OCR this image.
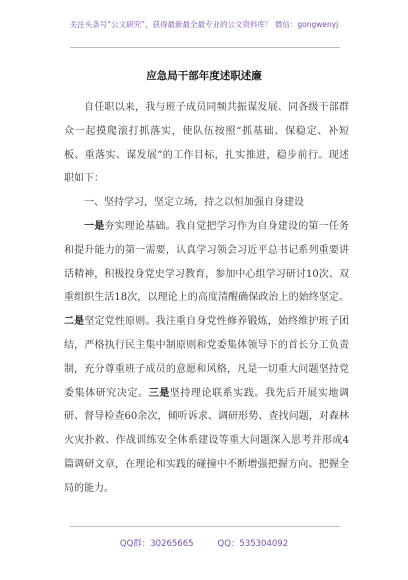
关注头条号“公文研究”，获得最新最全最专业的公文资料库！ 微信：gongwenyj
应急局干部年度述职述廉

自任职以来，我与班子成员同频共振谋发展、同各级干部群众一起摸爬滚打抓落实，使队伍按照“抓基础、保稳定、补短板、重落实、谋发展”的工作目标，扎实推进，稳步前行。现述职如下：

一、坚持学习，坚定立场，持之以恒加强自身建设

一是夯实理论基础。我自觉把学习作为自身建设的第一任务和提升能力的第一需要，认真学习领会习近平总书记系列重要讲话精神，积极投身党史学习教育，参加中心组学习研讨10次、双重组织生活18次，以理论上的高度清醒确保政治上的始终坚定。二是坚定党性原则。我注重自身党性修养锻炼，始终维护班子团结，严格执行民主集中制原则和党委集体领导下的首长分工负责制，充分尊重班子成员的意愿和风格，凡是一切重大问题坚持党委集体研究决定。三是坚持理论联系实践。我先后开展实地调研、督导检查60余次，倾听诉求、调研形势、查找问题，对森林火灾扑救、作战训练安全体系建设等重大问题深入思考并形成4篇调研文章，在理论和实践的碰撞中不断增强把握方向、把握全局的能力。

QQ群：30265665	QQ：535304092
